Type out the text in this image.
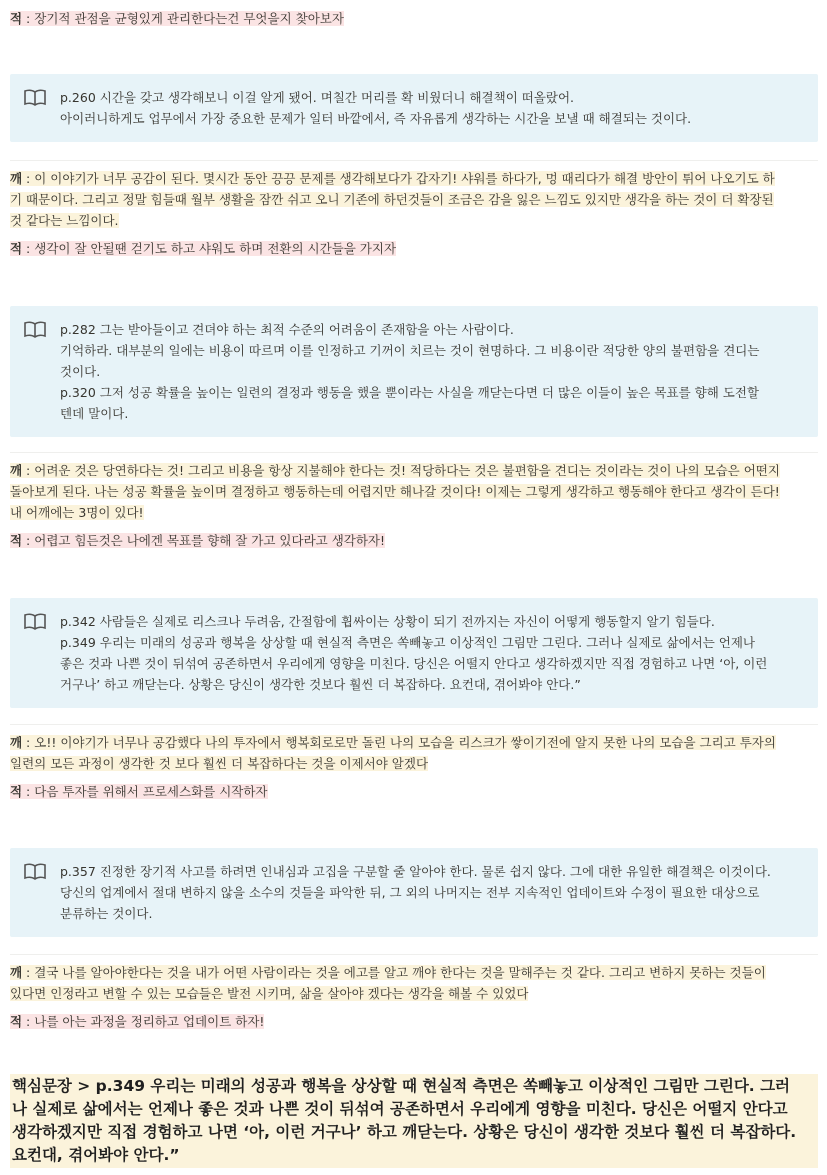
적 : 장기적 관점을 균형있게 관리한다는건 무엇을지 찾아보자

p.260 시간을 갖고 생각해보니 이걸 알게 됐어. 며칠간 머리를 확 비웠더니 해결책이 떠올랐어.

아이러니하게도 업무에서 가장 중요한 문제가 일터 바깥에서, 즉 자유롭게 생각하는 시간을 보낼 때 해결되는 것이다.

깨 : 이 이야기가 너무 공감이 된다. 몇시간 동안 끙끙 문제를 생각해보다가 갑자기! 샤워를 하다가, 멍 때리다가 해결 방안이 튀어 나오기도 하
기 때문이다. 그리고 정말 힘들때 월부 생활을 잠깐 쉬고 오니 기존에 하던것들이 조금은 감을 잃은 느낌도 있지만 생각을 하는 것이 더 확장된
것 같다는 느낌이다.
적 : 생각이 잘 안될땐 걷기도 하고 샤워도 하며 전환의 시간들을 가지자

p.282 그는 받아들이고 견뎌야 하는 최적 수준의 어려움이 존재함을 아는 사람이다.

기억하라. 대부분의 일에는 비용이 따르며 이를 인정하고 기꺼이 치르는 것이 현명하다. 그 비용이란 적당한 양의 불편함을 견디는

것이다.

p.320 그저 성공 확률을 높이는 일련의 결정과 행동을 했을 뿐이라는 사실을 깨닫는다면 더 많은 이들이 높은 목표를 향해 도전할

텐데 말이다.

깨 : 어려운 것은 당연하다는 것! 그리고 비용을 항상 지불해야 한다는 것! 적당하다는 것은 불편함을 견디는 것이라는 것이 나의 모습은 어떤지
돌아보게 된다. 나는 성공 확률을 높이며 결정하고 행동하는데 어렵지만 해나갈 것이다! 이제는 그렇게 생각하고 행동해야 한다고 생각이 든다!
내 어깨에는 3명이 있다!
적 : 어렵고 힘든것은 나에겐 목표를 향해 잘 가고 있다라고 생각하자!

p.342 사람들은 실제로 리스크나 두려움, 간절함에 휩싸이는 상황이 되기 전까지는 자신이 어떻게 행동할지 알기 힘들다.

p.349 우리는 미래의 성공과 행복을 상상할 때 현실적 측면은 쏙빼놓고 이상적인 그림만 그린다. 그러나 실제로 삶에서는 언제나

좋은 것과 나쁜 것이 뒤섞여 공존하면서 우리에게 영향을 미친다. 당신은 어떨지 안다고 생각하겠지만 직접 경험하고 나면 ‘아, 이런

거구나’ 하고 깨닫는다. 상황은 당신이 생각한 것보다 훨씬 더 복잡하다. 요컨대, 겪어봐야 안다.”

깨 : 오!! 이야기가 너무나 공감했다 나의 투자에서 행복회로로만 돌린 나의 모습을 리스크가 쌓이기전에 알지 못한 나의 모습을 그리고 투자의
일련의 모든 과정이 생각한 것 보다 훨씬 더 복잡하다는 것을 이제서야 알겠다
적 : 다음 투자를 위해서 프로세스화를 시작하자

p.357 진정한 장기적 사고를 하려면 인내심과 고집을 구분할 줄 알아야 한다. 물론 쉽지 않다. 그에 대한 유일한 해결책은 이것이다.

당신의 업계에서 절대 변하지 않을 소수의 것들을 파악한 뒤, 그 외의 나머지는 전부 지속적인 업데이트와 수정이 필요한 대상으로

분류하는 것이다.

깨 : 결국 나를 알아야한다는 것을 내가 어떤 사람이라는 것을 에고를 알고 깨야 한다는 것을 말해주는 것 같다. 그리고 변하지 못하는 것들이
있다면 인정라고 변할 수 있는 모습들은 발전 시키며, 삶을 살아야 겠다는 생각을 해볼 수 있었다
적 : 나를 아는 과정을 정리하고 업데이트 하자!
핵심문장 > p.349 우리는 미래의 성공과 행복을 상상할 때 현실적 측면은 쏙빼놓고 이상적인 그림만 그린다. 그러
나 실제로 삶에서는 언제나 좋은 것과 나쁜 것이 뒤섞여 공존하면서 우리에게 영향을 미친다. 당신은 어떨지 안다고
생각하겠지만 직접 경험하고 나면 ‘아, 이런 거구나’ 하고 깨닫는다. 상황은 당신이 생각한 것보다 훨씬 더 복잡하다.
요컨대, 겪어봐야 안다.”
